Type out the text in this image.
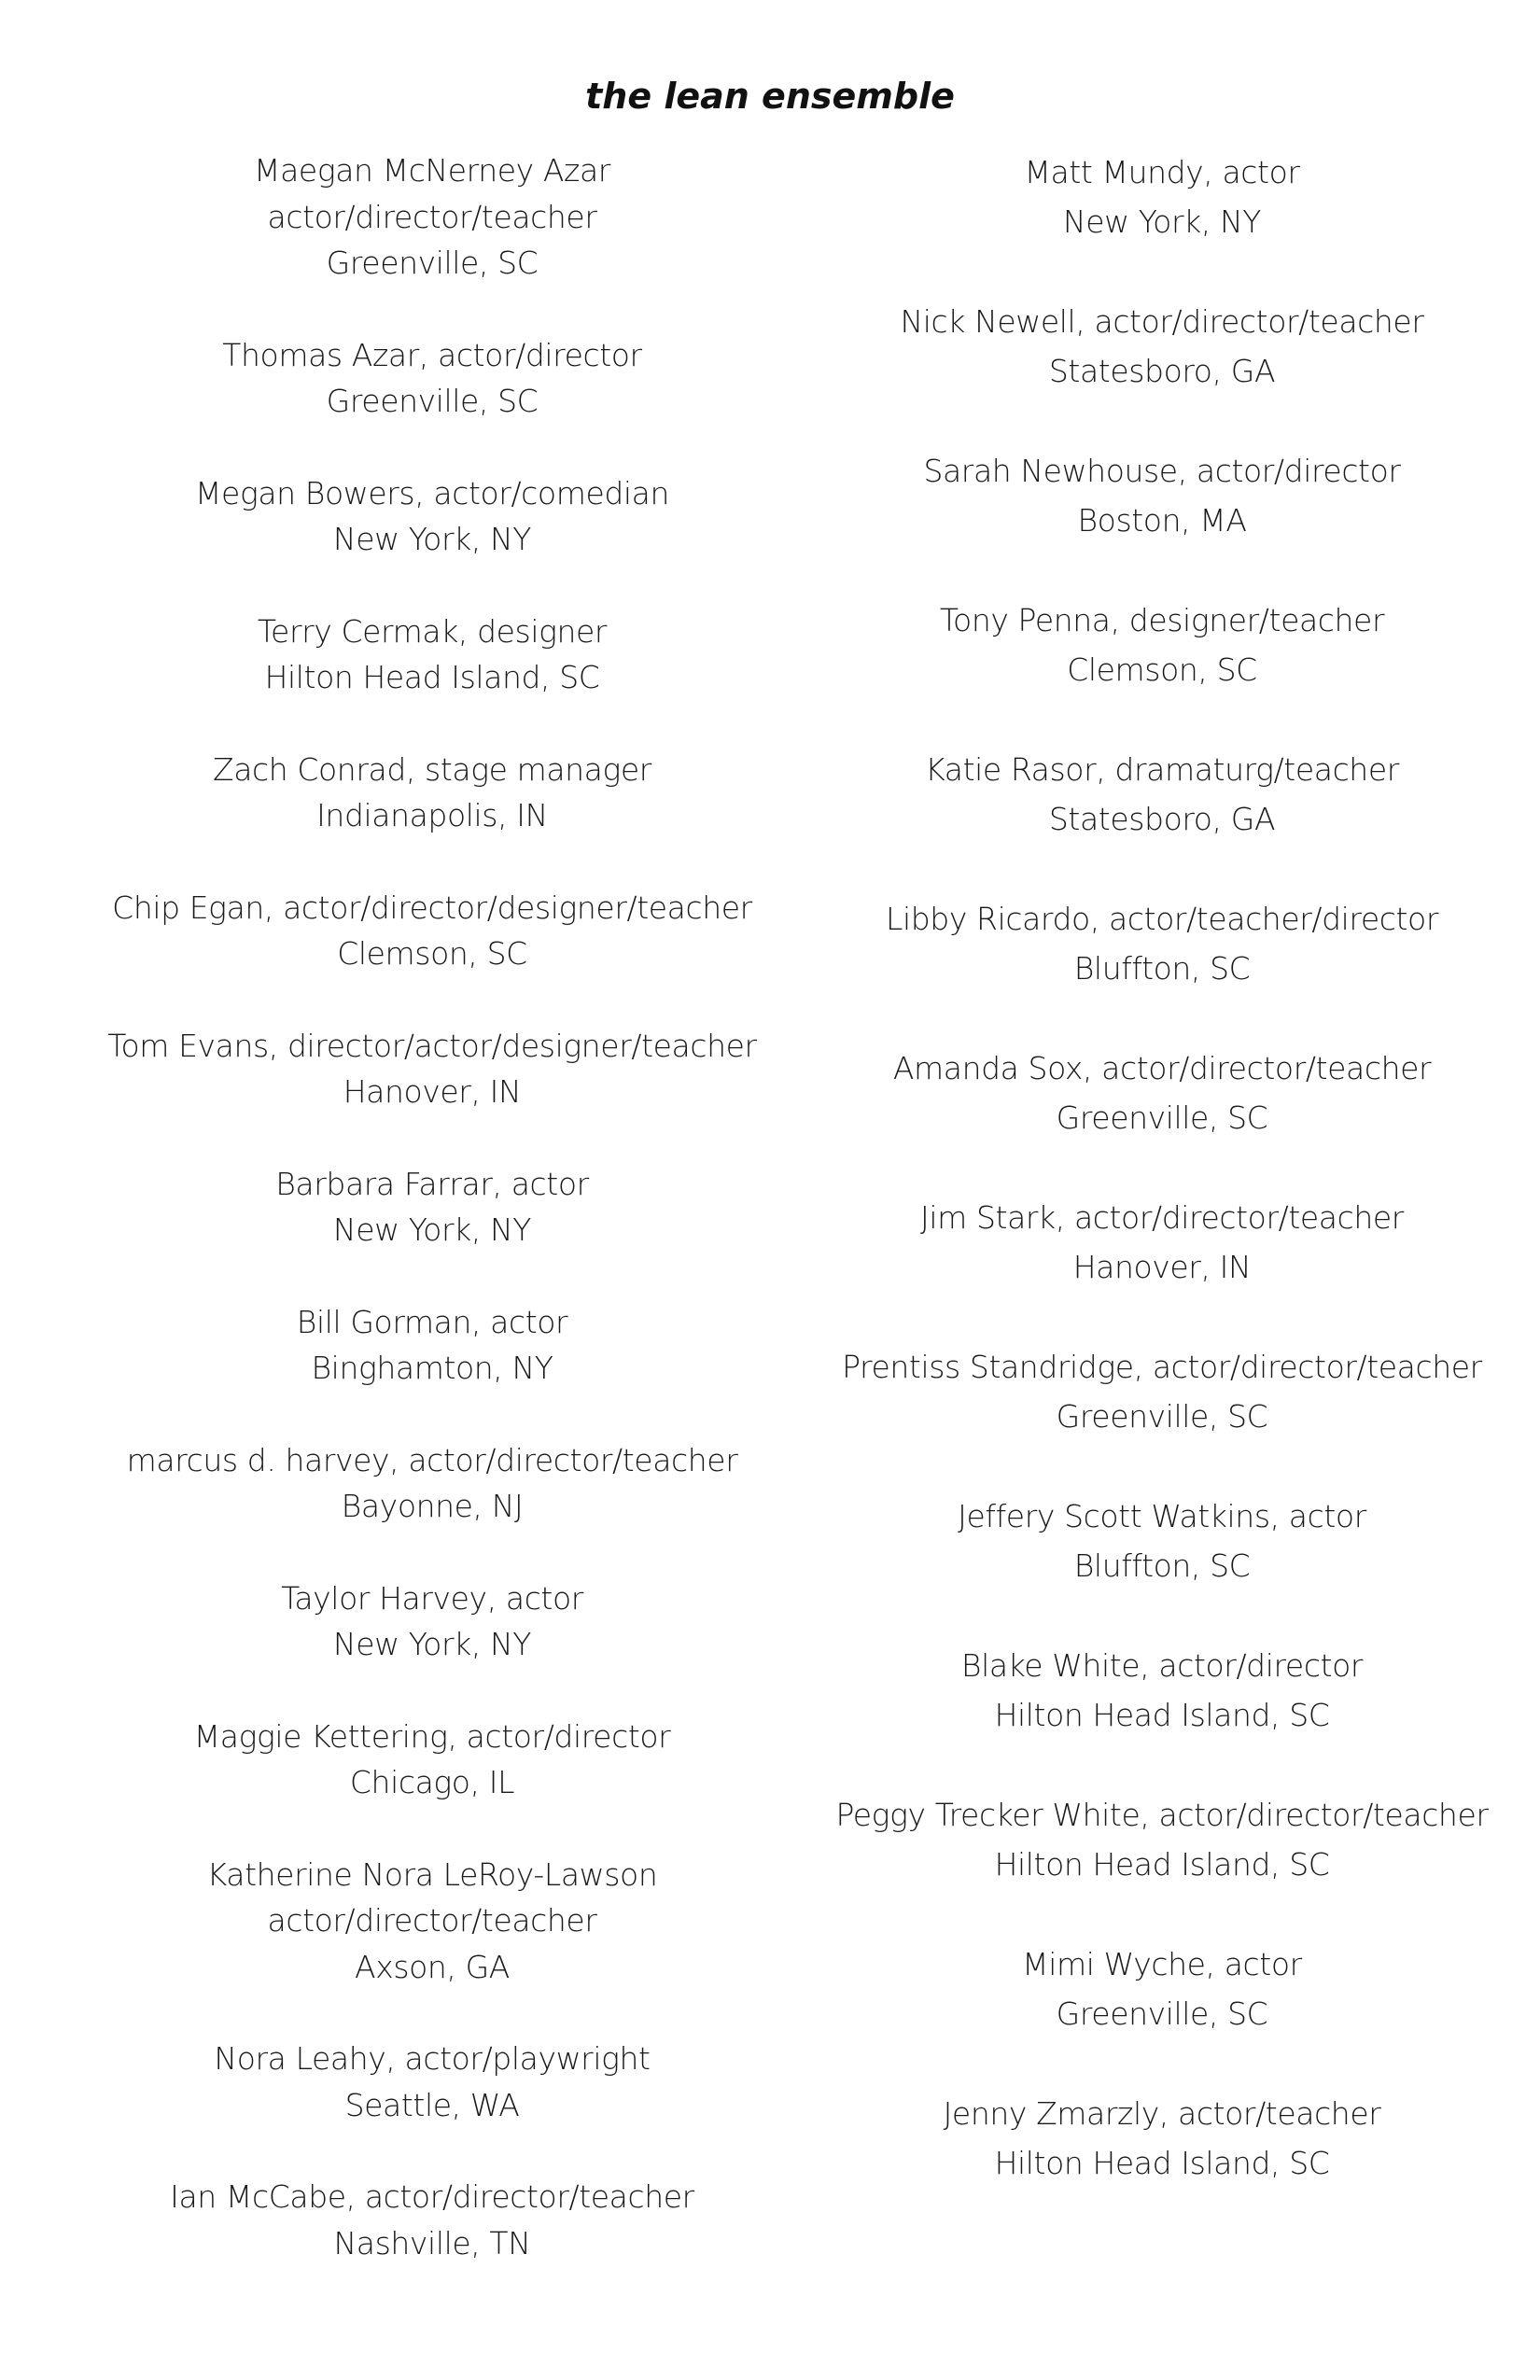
the lean ensemble
Maegan McNerney Azar
actor/director/teacher
Greenville, SC
Thomas Azar, actor/director
Greenville, SC
Megan Bowers, actor/comedian
New York, NY
Terry Cermak, designer
Hilton Head Island, SC
Zach Conrad, stage manager
Indianapolis, IN
Chip Egan, actor/director/designer/teacher
Clemson, SC
Tom Evans, director/actor/designer/teacher
Hanover, IN
Barbara Farrar, actor
New York, NY
Bill Gorman, actor
Binghamton, NY
marcus d. harvey, actor/director/teacher
Bayonne, NJ
Taylor Harvey, actor
New York, NY
Maggie Kettering, actor/director
Chicago, IL
Katherine Nora LeRoy-Lawson
actor/director/teacher
Axson, GA
Nora Leahy, actor/playwright
Seattle, WA
Ian McCabe, actor/director/teacher
Nashville, TN
Matt Mundy, actor
New York, NY
Nick Newell, actor/director/teacher
Statesboro, GA
Sarah Newhouse, actor/director
Boston, MA
Tony Penna, designer/teacher
Clemson, SC
Katie Rasor, dramaturg/teacher
Statesboro, GA
Libby Ricardo, actor/teacher/director
Bluffton, SC
Amanda Sox, actor/director/teacher
Greenville, SC
Jim Stark, actor/director/teacher
Hanover, IN
Prentiss Standridge, actor/director/teacher
Greenville, SC
Jeffery Scott Watkins, actor
Bluffton, SC
Blake White, actor/director
Hilton Head Island, SC
Peggy Trecker White, actor/director/teacher
Hilton Head Island, SC
Mimi Wyche, actor
Greenville, SC
Jenny Zmarzly, actor/teacher
Hilton Head Island, SC
